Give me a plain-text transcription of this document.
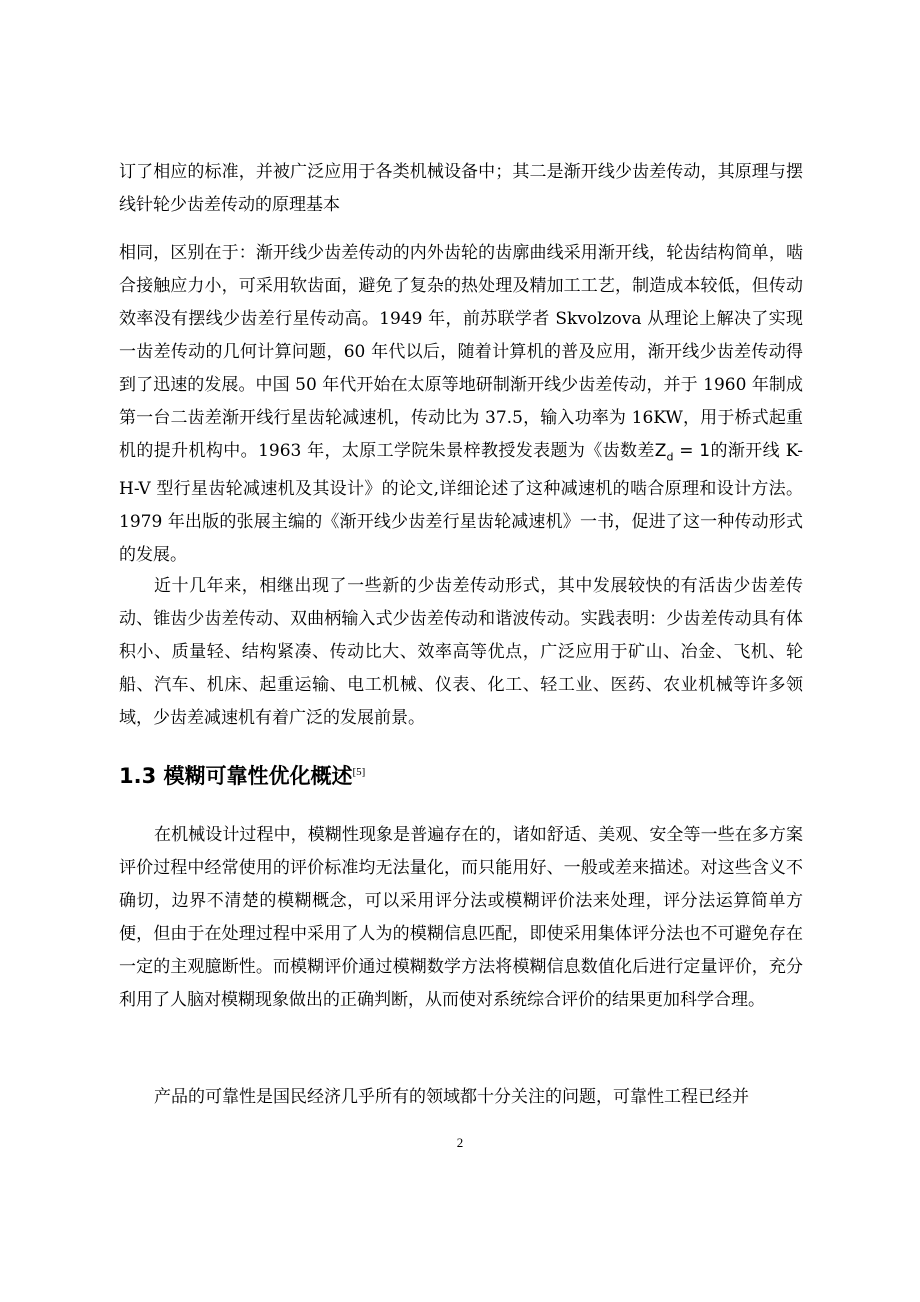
订了相应的标准，并被广泛应用于各类机械设备中；其二是渐开线少齿差传动，其原理与摆线针轮少齿差传动的原理基本

相同，区别在于：渐开线少齿差传动的内外齿轮的齿廓曲线采用渐开线，轮齿结构简单，啮合接触应力小，可采用软齿面，避免了复杂的热处理及精加工工艺，制造成本较低，但传动效率没有摆线少齿差行星传动高。1949 年，前苏联学者 Skvolzova 从理论上解决了实现一齿差传动的几何计算问题，60 年代以后，随着计算机的普及应用，渐开线少齿差传动得到了迅速的发展。中国 50 年代开始在太原等地研制渐开线少齿差传动，并于 1960 年制成第一台二齿差渐开线行星齿轮减速机，传动比为 37.5，输入功率为 16KW，用于桥式起重机的提升机构中。1963 年，太原工学院朱景梓教授发表题为《齿数差$Z_d = 1$的渐开线 K-H-V 型行星齿轮减速机及其设计》的论文,详细论述了这种减速机的啮合原理和设计方法。1979 年出版的张展主编的《渐开线少齿差行星齿轮减速机》一书，促进了这一种传动形式的发展。

近十几年来，相继出现了一些新的少齿差传动形式，其中发展较快的有活齿少齿差传动、锥齿少齿差传动、双曲柄输入式少齿差传动和谐波传动。实践表明：少齿差传动具有体积小、质量轻、结构紧凑、传动比大、效率高等优点，广泛应用于矿山、冶金、飞机、轮船、汽车、机床、起重运输、电工机械、仪表、化工、轻工业、医药、农业机械等许多领域，少齿差减速机有着广泛的发展前景。

1.3 模糊可靠性优化概述[5]

在机械设计过程中，模糊性现象是普遍存在的，诸如舒适、美观、安全等一些在多方案评价过程中经常使用的评价标准均无法量化，而只能用好、一般或差来描述。对这些含义不确切，边界不清楚的模糊概念，可以采用评分法或模糊评价法来处理，评分法运算简单方便，但由于在处理过程中采用了人为的模糊信息匹配，即使采用集体评分法也不可避免存在一定的主观臆断性。而模糊评价通过模糊数学方法将模糊信息数值化后进行定量评价，充分利用了人脑对模糊现象做出的正确判断，从而使对系统综合评价的结果更加科学合理。

产品的可靠性是国民经济几乎所有的领域都十分关注的问题，可靠性工程已经并

2
